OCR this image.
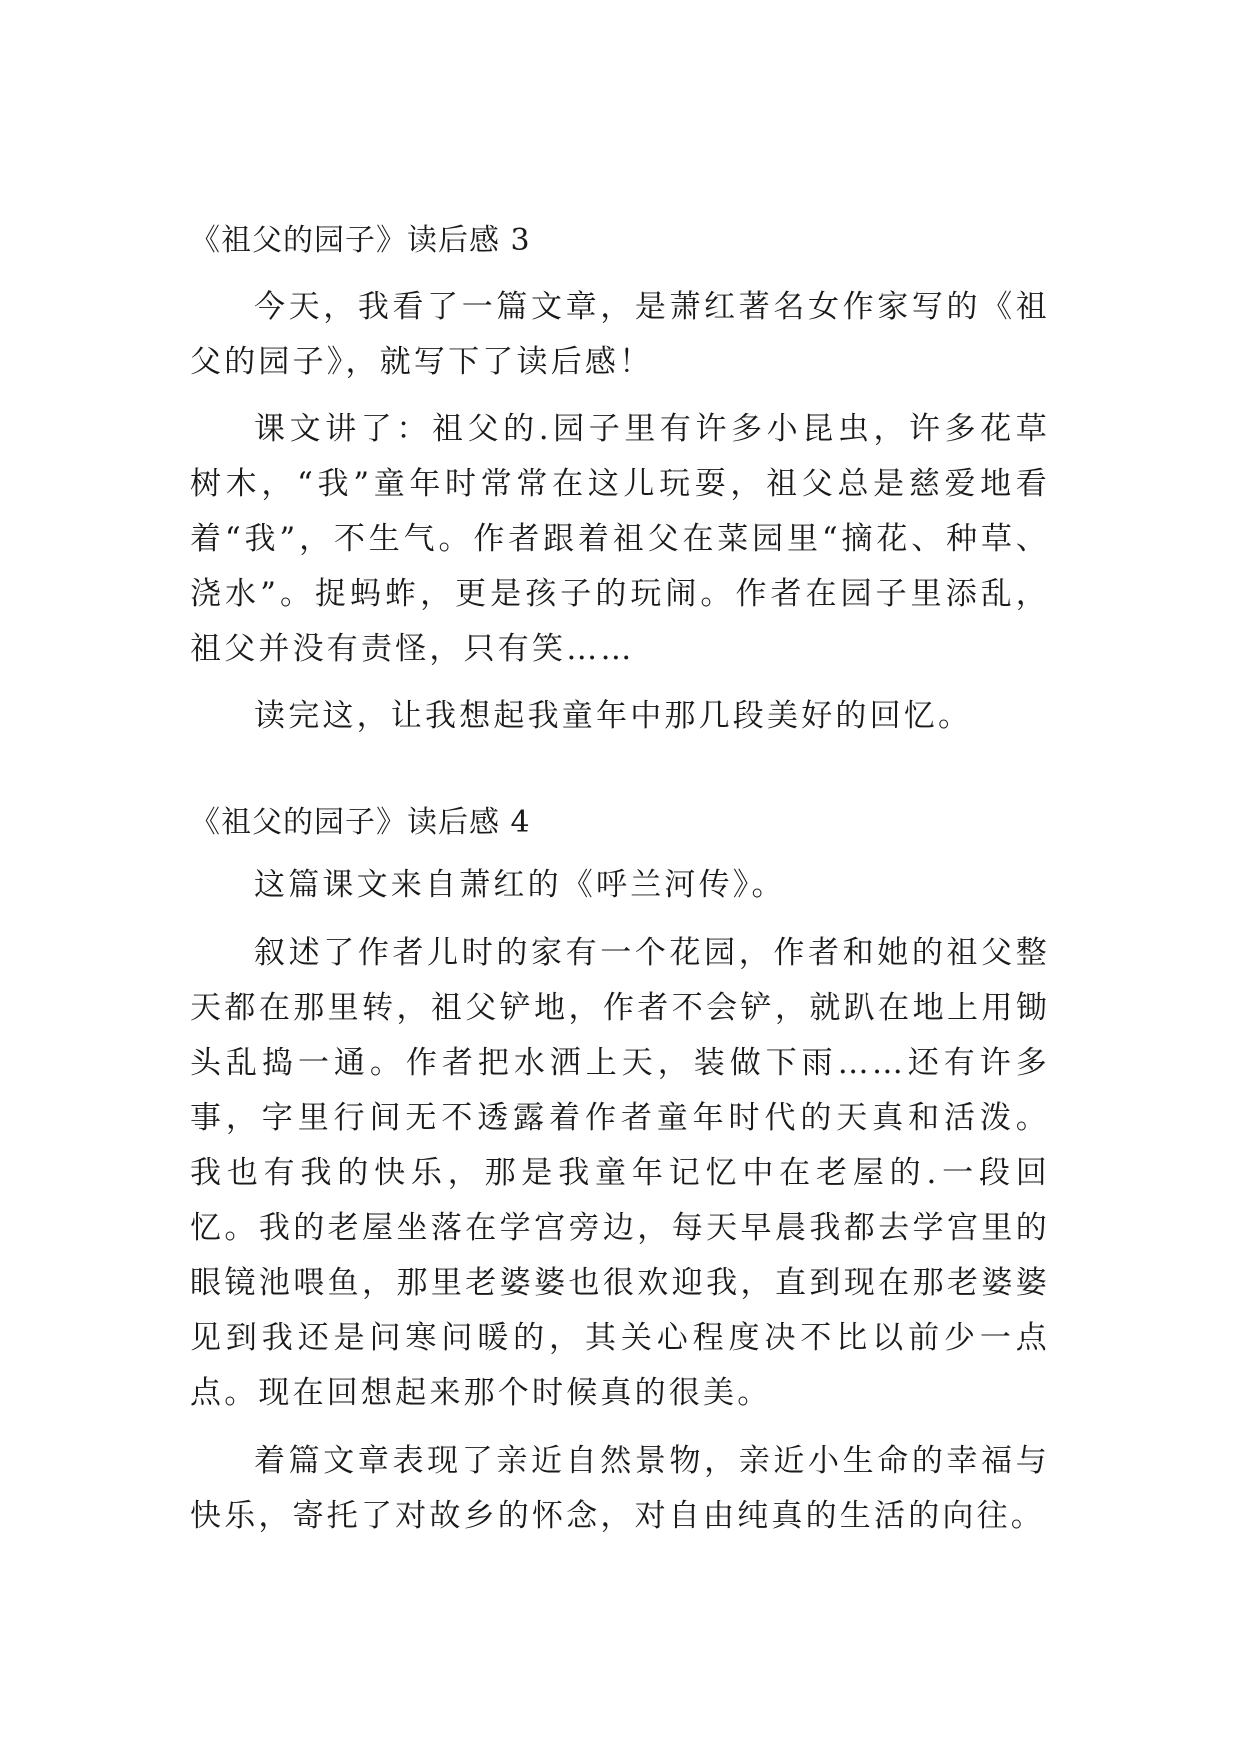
《祖父的园子》读后感 3

今天，我看了一篇文章，是萧红著名女作家写的《祖父的园子》，就写下了读后感！

课文讲了：祖父的.园子里有许多小昆虫，许多花草树木，“我”童年时常常在这儿玩耍，祖父总是慈爱地看着“我”，不生气。作者跟着祖父在菜园里“摘花、种草、浇水”。捉蚂蚱，更是孩子的玩闹。作者在园子里添乱，祖父并没有责怪，只有笑……

读完这，让我想起我童年中那几段美好的回忆。

《祖父的园子》读后感 4

这篇课文来自萧红的《呼兰河传》。

叙述了作者儿时的家有一个花园，作者和她的祖父整天都在那里转，祖父铲地，作者不会铲，就趴在地上用锄头乱捣一通。作者把水洒上天，装做下雨……还有许多事，字里行间无不透露着作者童年时代的天真和活泼。 我也有我的快乐，那是我童年记忆中在老屋的.一段回忆。我的老屋坐落在学宫旁边，每天早晨我都去学宫里的眼镜池喂鱼，那里老婆婆也很欢迎我，直到现在那老婆婆见到我还是问寒问暖的，其关心程度决不比以前少一点点。现在回想起来那个时候真的很美。

着篇文章表现了亲近自然景物，亲近小生命的幸福与快乐，寄托了对故乡的怀念，对自由纯真的生活的向往。
